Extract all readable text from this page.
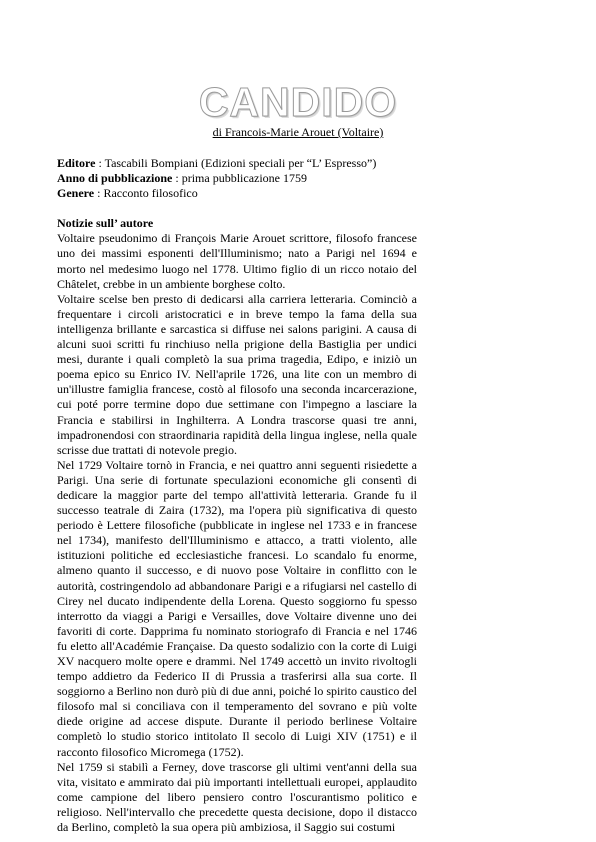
CANDIDO
di Francois-Marie Arouet (Voltaire)
Editore : Tascabili Bompiani (Edizioni speciali per “L’ Espresso”)
Anno di pubblicazione : prima pubblicazione 1759
Genere : Racconto filosofico
Notizie sull’ autore

Voltaire pseudonimo di François Marie Arouet scrittore, filosofo francese uno dei massimi esponenti dell'Illuminismo; nato a Parigi nel 1694 e morto nel medesimo luogo nel 1778. Ultimo figlio di un ricco notaio del Châtelet, crebbe in un ambiente borghese colto.

Voltaire scelse ben presto di dedicarsi alla carriera letteraria. Cominciò a frequentare i circoli aristocratici e in breve tempo la fama della sua intelligenza brillante e sarcastica si diffuse nei salons parigini. A causa di alcuni suoi scritti fu rinchiuso nella prigione della Bastiglia per undici mesi, durante i quali completò la sua prima tragedia, Edipo, e iniziò un poema epico su Enrico IV. Nell'aprile 1726, una lite con un membro di un'illustre famiglia francese, costò al filosofo una seconda incarcerazione, cui poté porre termine dopo due settimane con l'impegno a lasciare la Francia e stabilirsi in Inghilterra. A Londra trascorse quasi tre anni, impadronendosi con straordinaria rapidità della lingua inglese, nella quale scrisse due trattati di notevole pregio.

Nel 1729 Voltaire tornò in Francia, e nei quattro anni seguenti risiedette a Parigi. Una serie di fortunate speculazioni economiche gli consentì di dedicare la maggior parte del tempo all'attività letteraria. Grande fu il successo teatrale di Zaira (1732), ma l'opera più significativa di questo periodo è Lettere filosofiche (pubblicate in inglese nel 1733 e in francese nel 1734), manifesto dell'Illuminismo e attacco, a tratti violento, alle istituzioni politiche ed ecclesiastiche francesi. Lo scandalo fu enorme, almeno quanto il successo, e di nuovo pose Voltaire in conflitto con le autorità, costringendolo ad abbandonare Parigi e a rifugiarsi nel castello di Cirey nel ducato indipendente della Lorena. Questo soggiorno fu spesso interrotto da viaggi a Parigi e Versailles, dove Voltaire divenne uno dei favoriti di corte. Dapprima fu nominato storiografo di Francia e nel 1746 fu eletto all'Académie Française. Da questo sodalizio con la corte di Luigi XV nacquero molte opere e drammi. Nel 1749 accettò un invito rivoltogli tempo addietro da Federico II di Prussia a trasferirsi alla sua corte. Il soggiorno a Berlino non durò più di due anni, poiché lo spirito caustico del filosofo mal si conciliava con il temperamento del sovrano e più volte diede origine ad accese dispute. Durante il periodo berlinese Voltaire completò lo studio storico intitolato Il secolo di Luigi XIV (1751) e il racconto filosofico Micromega (1752).

Nel 1759 si stabilì a Ferney, dove trascorse gli ultimi vent'anni della sua vita, visitato e ammirato dai più importanti intellettuali europei, applaudito come campione del libero pensiero contro l'oscurantismo politico e religioso. Nell'intervallo che precedette questa decisione, dopo il distacco da Berlino, completò la sua opera più ambiziosa, il Saggio sui costumi
